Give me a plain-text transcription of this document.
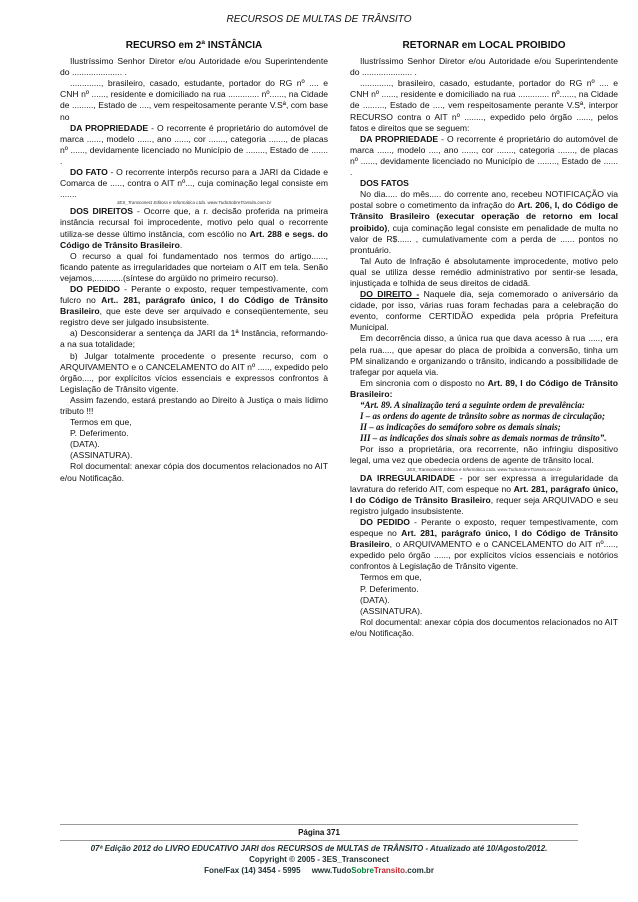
RECURSOS DE MULTAS DE TRÂNSITO
RECURSO em 2ª INSTÂNCIA

Ilustríssimo Senhor Diretor e/ou Autoridade e/ou Superintendente do ..................... .

............., brasileiro, casado, estudante, portador do RG nº .... e CNH nº ......, residente e domiciliado na rua ............. nº......, na Cidade de ........., Estado de ...., vem respeitosamente perante V.Sª, com base no

DA PROPRIEDADE - O recorrente é proprietário do automóvel de marca ......, modelo ......, ano ......, cor ......., categoria ......., de placas nº ......, devidamente licenciado no Município de ........, Estado de ....... .

DO FATO - O recorrente interpôs recurso para a JARI da Cidade e Comarca de ....., contra o AIT nº..., cuja cominação legal consiste em .......

3ES_Transconect Editora e Informática Ltda. www.TudoSobreTransito.com.br

DOS DIREITOS - Ocorre que, a r. decisão proferida na primeira instância recursal foi improcedente, motivo pelo qual o recorrente utiliza-se desse último instância, com escólio no Art. 288 e segs. do Código de Trânsito Brasileiro.

O recurso a qual foi fundamentado nos termos do artigo......, ficando patente as irregularidades que norteiam o AIT em tela. Senão vejamos,............(síntese do argüido no primeiro recurso).

DO PEDIDO - Perante o exposto, requer tempestivamente, com fulcro no Art.. 281, parágrafo único, I do Código de Trânsito Brasileiro, que este deve ser arquivado e conseqüentemente, seu registro deve ser julgado insubsistente.

a) Desconsiderar a sentença da JARI da 1ª Instância, reformando-a na sua totalidade;

b) Julgar totalmente procedente o presente recurso, com o ARQUIVAMENTO e o CANCELAMENTO do AIT nº ....., expedido pelo órgão...., por explícitos vícios essenciais e expressos confrontos à Legislação de Trânsito vigente.

Assim fazendo, estará prestando ao Direito à Justiça o mais lídimo tributo !!!

Termos em que,

P. Deferimento.

(DATA).

(ASSINATURA).

Rol documental: anexar cópia dos documentos relacionados no AIT e/ou Notificação.

RETORNAR em LOCAL PROIBIDO

Ilustríssimo Senhor Diretor e/ou Autoridade e/ou Superintendente do ..................... .

............., brasileiro, casado, estudante, portador do RG nº .... e CNH nº ......, residente e domiciliado na rua ............. nº......, na Cidade de ........., Estado de ...., vem respeitosamente perante V.Sª, interpor RECURSO contra o AIT nº ........, expedido pelo órgão ......, pelos fatos e direitos que se seguem:

DA PROPRIEDADE - O recorrente é proprietário do automóvel de marca ......, modelo ...., ano ......, cor ......., categoria ......., de placas nº ......, devidamente licenciado no Município de ........, Estado de ...... .

DOS FATOS

No dia..... do mês..... do corrente ano, recebeu NOTIFICAÇÃO via postal sobre o cometimento da infração do Art. 206, I, do Código de Trânsito Brasileiro (executar operação de retorno em local proibido), cuja cominação legal consiste em penalidade de multa no valor de R$...... , cumulativamente com a perda de ...... pontos no prontuário.

Tal Auto de Infração é absolutamente improcedente, motivo pelo qual se utiliza desse remédio administrativo por sentir-se lesada, injustiçada e tolhida de seus direitos de cidadã.

DO DIREITO - Naquele dia, seja comemorado o aniversário da cidade, por isso, várias ruas foram fechadas para a celebração do evento, conforme CERTIDÃO expedida pela própria Prefeitura Municipal.

Em decorrência disso, a única rua que dava acesso à rua ....., era pela rua...., que apesar do placa de proibida a conversão, tinha um PM sinalizando e organizando o trânsito, indicando a possibilidade de trafegar por aquela via.

Em sincronia com o disposto no Art. 89, I do Código de Trânsito Brasileiro:

“Art. 89. A sinalização terá a seguinte ordem de prevalência:

I – as ordens do agente de trânsito sobre as normas de circulação;

II – as indicações do semáforo sobre os demais sinais;

III – as indicações dos sinais sobre as demais normas de trânsito”.

Por isso a proprietária, ora recorrente, não infringiu dispositivo legal, uma vez que obedecia ordens de agente de trânsito local.

3ES_Transconect Editora e Informática Ltda. www.TudoSobreTransito.com.br

DA IRREGULARIDADE - por ser expressa a irregularidade da lavratura do referido AIT, com espeque no Art. 281, parágrafo único, I do Código de Trânsito Brasileiro, requer seja ARQUIVADO e seu registro julgado insubsistente.

DO PEDIDO - Perante o exposto, requer tempestivamente, com espeque no Art. 281, parágrafo único, I do Código de Trânsito Brasileiro, o ARQUIVAMENTO e o CANCELAMENTO do AIT nº....., expedido pelo órgão ......, por explícitos vícios essenciais e notórios confrontos à Legislação de Trânsito vigente.

Termos em que,

P. Deferimento.

(DATA).

(ASSINATURA).

Rol documental: anexar cópia dos documentos relacionados no AIT e/ou Notificação.

Página 371
07ª Edição 2012 do LIVRO EDUCATIVO JARI dos RECURSOS de MULTAS de TRÂNSITO - Atualizado até 10/Agosto/2012.
Copyright © 2005 - 3ES_Transconect
Fone/Fax (14) 3454 - 5995 www.TudoSobreTransito.com.br
